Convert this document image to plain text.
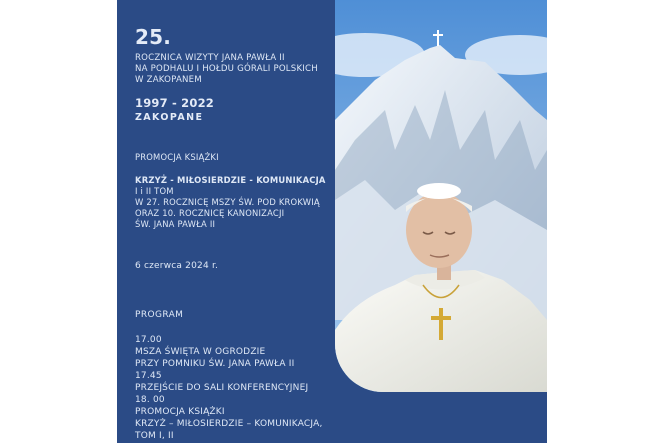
25.
ROCZNICA WIZYTY JANA PAWŁA II
NA PODHALU I HOŁDU GÓRALI POLSKICH
W ZAKOPANEM
1997 - 2022
ZAKOPANE
PROMOCJA KSIĄŻKI
KRZYŻ - MIŁOSIERDZIE - KOMUNIKACJA
I i II TOM
W 27. ROCZNICĘ MSZY ŚW. POD KROKWIĄ
ORAZ 10. ROCZNICĘ KANONIZACJI
ŚW. JANA PAWŁA II
6 czerwca 2024 r.
PROGRAM
17.00
MSZA ŚWIĘTA W OGRODZIE
PRZY POMNIKU ŚW. JANA PAWŁA II
17.45
PRZEJŚCIE DO SALI KONFERENCYJNEJ
18. 00
PROMOCJA KSIĄŻKI
KRZYŻ – MIŁOSIERDZIE – KOMUNIKACJA,
TOM I, II
